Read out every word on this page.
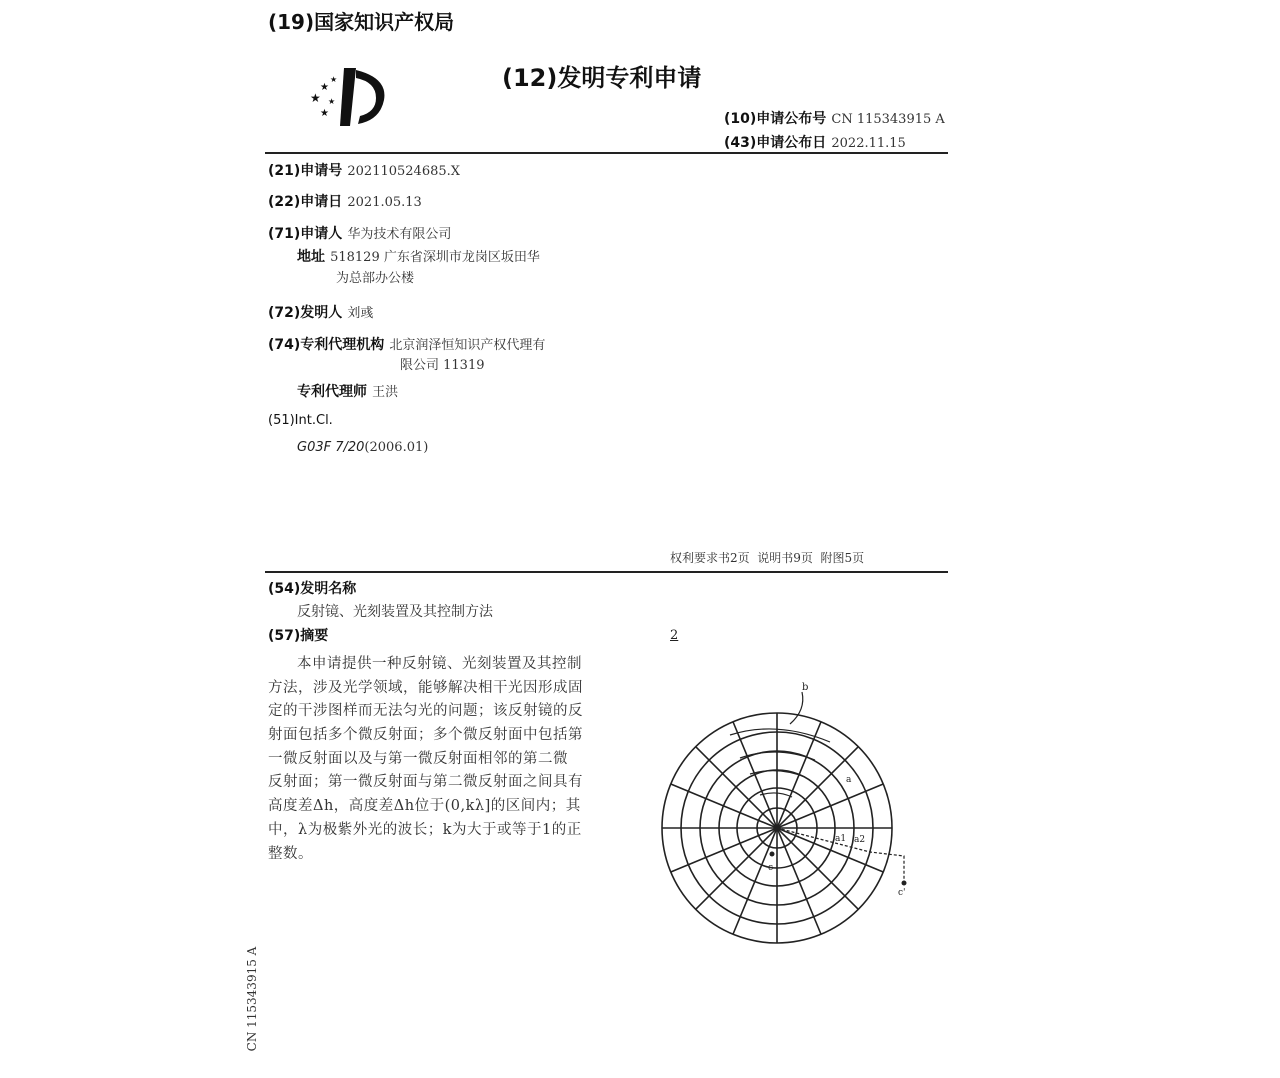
(19)国家知识产权局
★
★
★
★
★
(12)发明专利申请
(10)申请公布号 CN 115343915 A
(43)申请公布日 2022.11.15
(21)申请号 202110524685.X
(22)申请日 2021.05.13
(71)申请人 华为技术有限公司
地址 518129 广东省深圳市龙岗区坂田华
为总部办公楼
(72)发明人 刘彧
(74)专利代理机构 北京润泽恒知识产权代理有
限公司 11319
专利代理师 王洪
(51)Int.Cl.
G03F 7/20(2006.01)
权利要求书2页  说明书9页  附图5页
(54)发明名称
反射镜、光刻装置及其控制方法
(57)摘要
本申请提供一种反射镜、光刻装置及其控制
方法，涉及光学领域，能够解决相干光因形成固
定的干涉图样而无法匀光的问题；该反射镜的反
射面包括多个微反射面；多个微反射面中包括第
一微反射面以及与第一微反射面相邻的第二微
反射面；第一微反射面与第二微反射面之间具有
高度差Δh，高度差Δh位于(0,kλ]的区间内；其
中，λ为极紫外光的波长；k为大于或等于1的正
整数。
2
b
a
a1 a2
c
c'
CN 115343915 A
